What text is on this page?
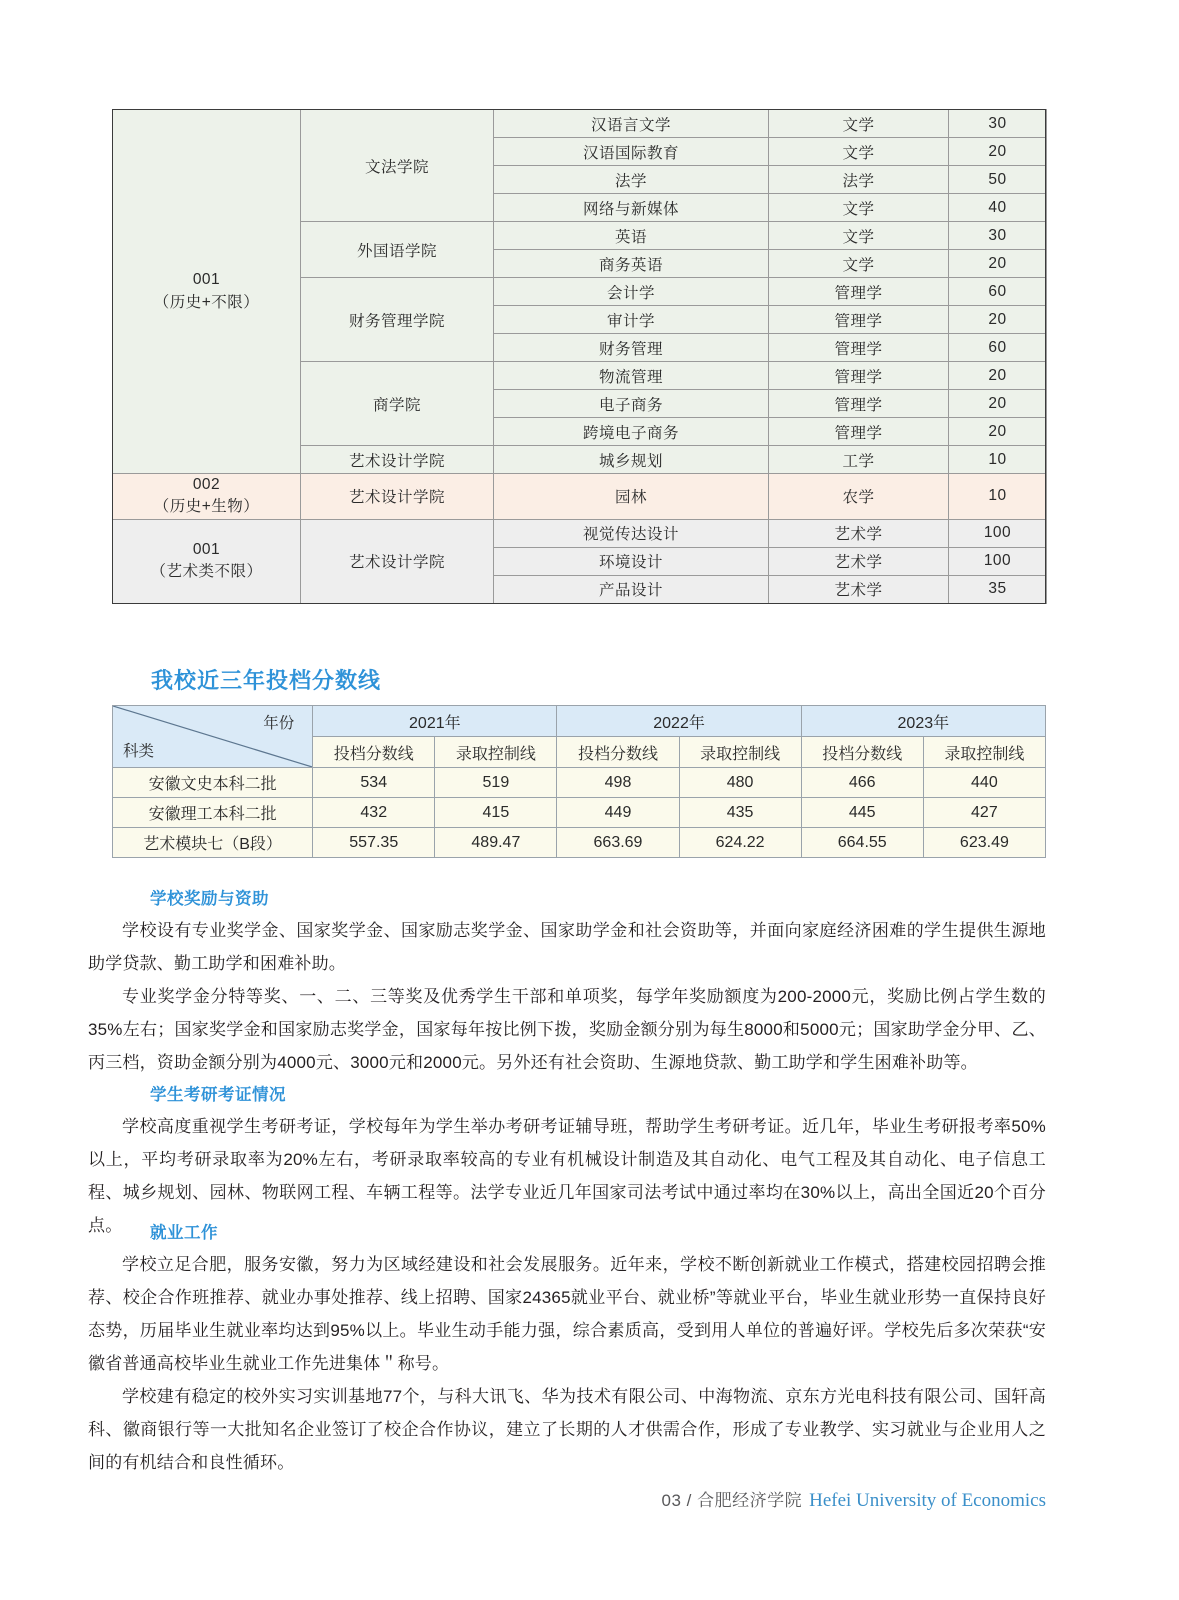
001
（历史+不限）	文法学院	汉语言文学	文学	30
		汉语国际教育	文学	20
		法学	法学	50
		网络与新媒体	文学	40
	外国语学院	英语	文学	30
		商务英语	文学	20
	财务管理学院	会计学	管理学	60
		审计学	管理学	20
		财务管理	管理学	60
	商学院	物流管理	管理学	20
		电子商务	管理学	20
		跨境电子商务	管理学	20
	艺术设计学院	城乡规划	工学	10

002
（历史+生物）	艺术设计学院	园林	农学	10

001
（艺术类不限）	艺术设计学院	视觉传达设计	艺术学	100
		环境设计	艺术学	100
		产品设计	艺术学	35
我校近三年投档分数线
年份
科类	2021年		2022年		2023年	
	投档分数线	录取控制线	投档分数线	录取控制线	投档分数线	录取控制线
安徽文史本科二批	534	519	498	480	466	440
安徽理工本科二批	432	415	449	435	445	427
艺术模块七（B段）	557.35	489.47	663.69	624.22	664.55	623.49
学校奖励与资助

学校设有专业奖学金、国家奖学金、国家励志奖学金、国家助学金和社会资助等，并面向家庭经济困难的学生提供生源地助学贷款、勤工助学和困难补助。

专业奖学金分特等奖、一、二、三等奖及优秀学生干部和单项奖，每学年奖励额度为200-2000元，奖励比例占学生数的35%左右；国家奖学金和国家励志奖学金，国家每年按比例下拨，奖励金额分别为每生8000和5000元；国家助学金分甲、乙、丙三档，资助金额分别为4000元、3000元和2000元。另外还有社会资助、生源地贷款、勤工助学和学生困难补助等。

学生考研考证情况

学校高度重视学生考研考证，学校每年为学生举办考研考证辅导班，帮助学生考研考证。近几年，毕业生考研报考率50%以上，平均考研录取率为20%左右，考研录取率较高的专业有机械设计制造及其自动化、电气工程及其自动化、电子信息工程、城乡规划、园林、物联网工程、车辆工程等。法学专业近几年国家司法考试中通过率均在30%以上，高出全国近20个百分点。	就业工作

学校立足合肥，服务安徽，努力为区域经建设和社会发展服务。近年来，学校不断创新就业工作模式，搭建校园招聘会推荐、校企合作班推荐、就业办事处推荐、线上招聘、国家24365就业平台、就业桥”等就业平台，毕业生就业形势一直保持良好态势，历届毕业生就业率均达到95%以上。毕业生动手能力强，综合素质高，受到用人单位的普遍好评。学校先后多次荣获“安徽省普通高校毕业生就业工作先进集体＂称号。

学校建有稳定的校外实习实训基地77个，与科大讯飞、华为技术有限公司、中海物流、京东方光电科技有限公司、国轩高科、徽商银行等一大批知名企业签订了校企合作协议，建立了长期的人才供需合作，形成了专业教学、实习就业与企业用人之间的有机结合和良性循环。

03 / 合肥经济学院 Hefei University of Economics
